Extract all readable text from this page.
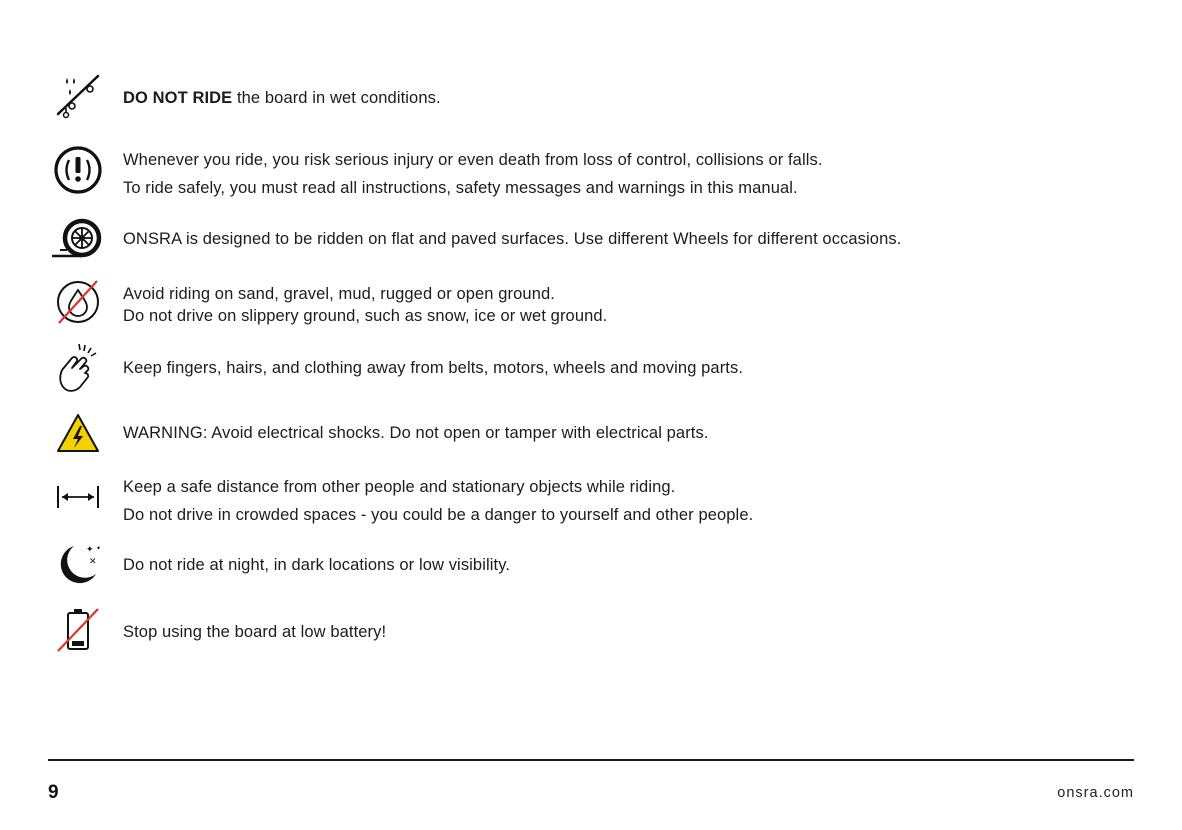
DO NOT RIDE the board in wet conditions.
Whenever you ride, you risk serious injury or even death from loss of control, collisions or falls.
To ride safely, you must read all instructions, safety messages and warnings in this manual.
ONSRA is designed to be ridden on flat and paved surfaces. Use different Wheels for different occasions.
Avoid riding on sand, gravel, mud, rugged or open ground.
Do not drive on slippery ground, such as snow, ice or wet ground.
Keep fingers, hairs, and clothing away from belts, motors, wheels and moving parts.
WARNING: Avoid electrical shocks. Do not open or tamper with electrical parts.
Keep a safe distance from other people and stationary objects while riding.
Do not drive in crowded spaces - you could be a danger to yourself and other people.
✦ ✦
✕ Do not ride at night, in dark locations or low visibility.
Stop using the board at low battery!
9	onsra.com
